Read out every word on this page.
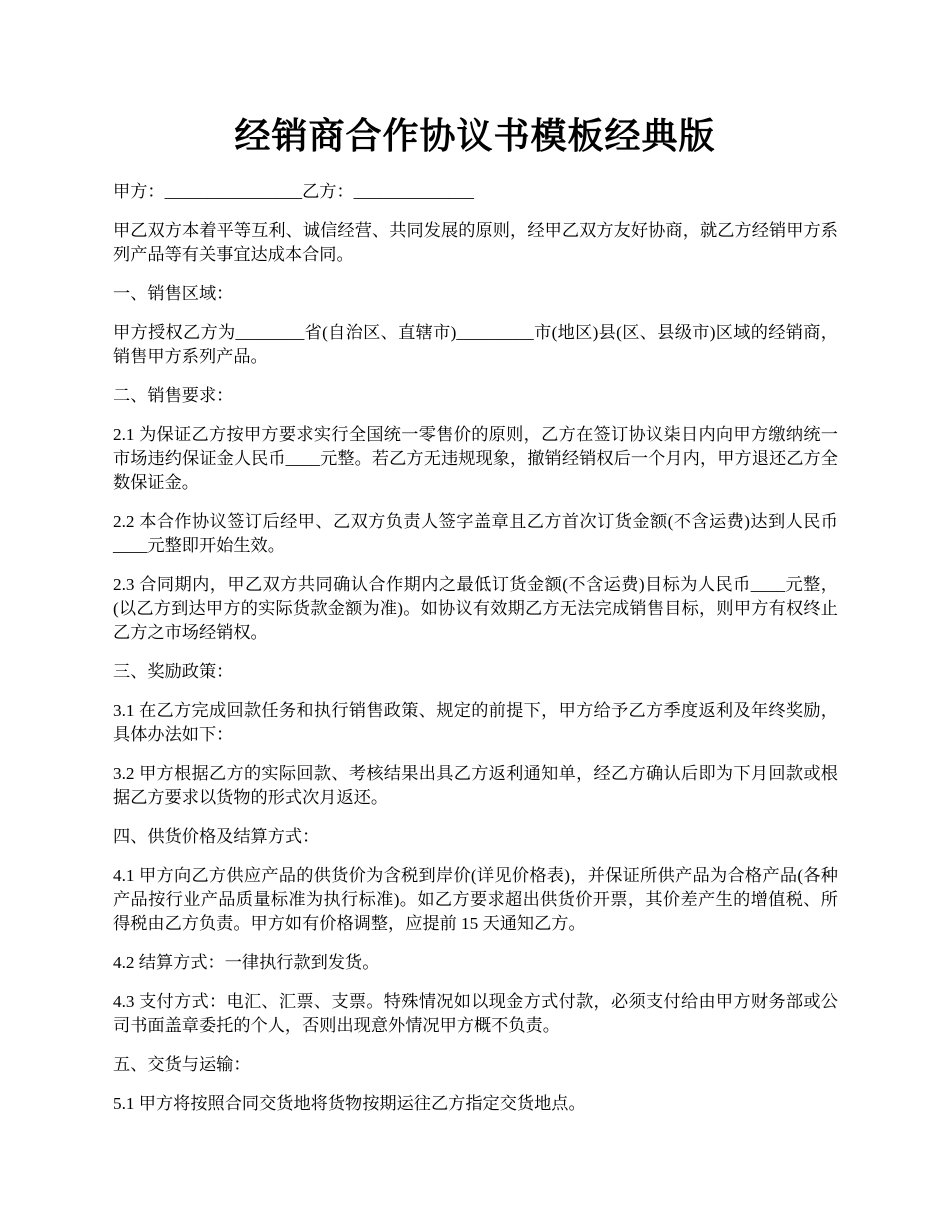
经销商合作协议书模板经典版

甲方：________________乙方：______________

甲乙双方本着平等互利、诚信经营、共同发展的原则，经甲乙双方友好协商，就乙方经销甲方系列产品等有关事宜达成本合同。

一、销售区域：

甲方授权乙方为________省(自治区、直辖市)_________市(地区)县(区、县级市)区域的经销商，销售甲方系列产品。

二、销售要求：

2.1 为保证乙方按甲方要求实行全国统一零售价的原则，乙方在签订协议柒日内向甲方缴纳统一市场违约保证金人民币____元整。若乙方无违规现象，撤销经销权后一个月内，甲方退还乙方全数保证金。

2.2 本合作协议签订后经甲、乙双方负责人签字盖章且乙方首次订货金额(不含运费)达到人民币____元整即开始生效。

2.3 合同期内，甲乙双方共同确认合作期内之最低订货金额(不含运费)目标为人民币____元整，(以乙方到达甲方的实际货款金额为准)。如协议有效期乙方无法完成销售目标，则甲方有权终止乙方之市场经销权。

三、奖励政策：

3.1 在乙方完成回款任务和执行销售政策、规定的前提下，甲方给予乙方季度返利及年终奖励，具体办法如下：

3.2 甲方根据乙方的实际回款、考核结果出具乙方返利通知单，经乙方确认后即为下月回款或根据乙方要求以货物的形式次月返还。

四、供货价格及结算方式：

4.1 甲方向乙方供应产品的供货价为含税到岸价(详见价格表)，并保证所供产品为合格产品(各种产品按行业产品质量标准为执行标准)。如乙方要求超出供货价开票，其价差产生的增值税、所得税由乙方负责。甲方如有价格调整，应提前 15 天通知乙方。

4.2 结算方式：一律执行款到发货。

4.3 支付方式：电汇、汇票、支票。特殊情况如以现金方式付款，必须支付给由甲方财务部或公司书面盖章委托的个人，否则出现意外情况甲方概不负责。

五、交货与运输：

5.1 甲方将按照合同交货地将货物按期运往乙方指定交货地点。
